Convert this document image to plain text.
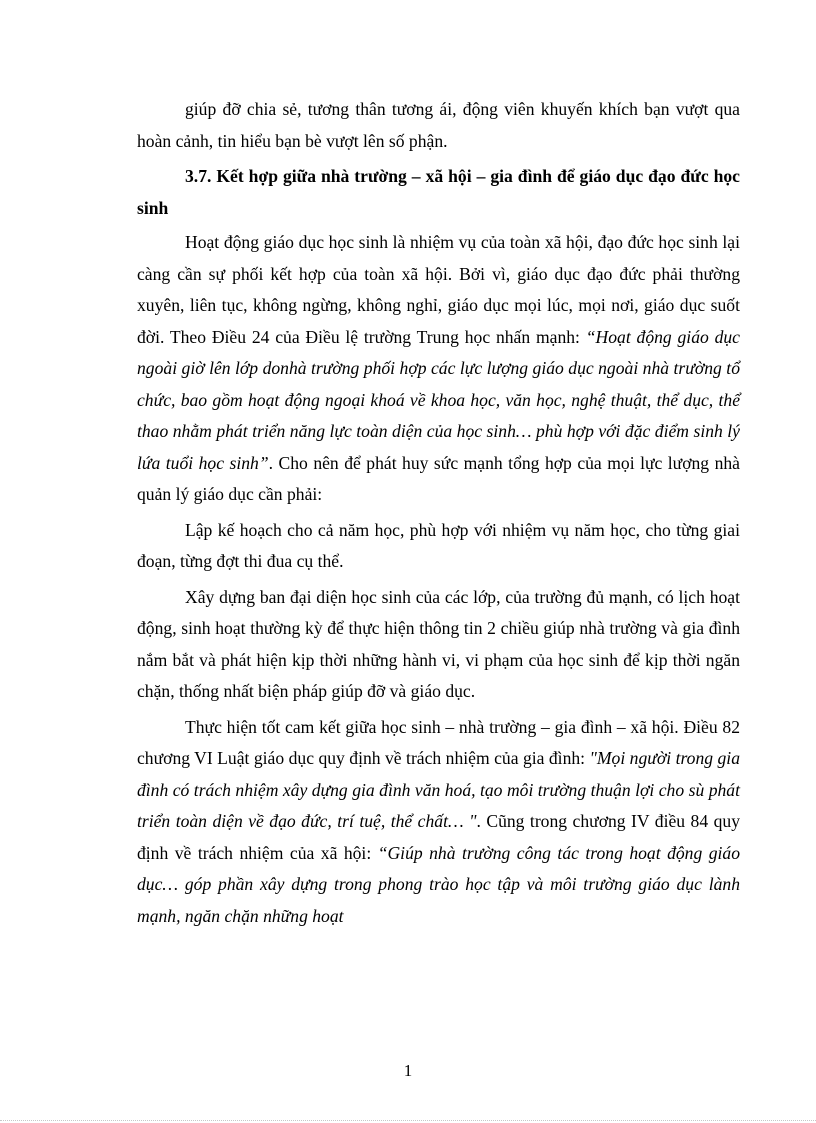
giúp đỡ chia sẻ, tương thân tương ái, động viên khuyến khích bạn vượt qua hoàn cảnh, tin hiểu bạn bè vượt lên số phận.

3.7. Kết hợp giữa nhà trường – xã hội – gia đình để giáo dục đạo đức học sinh

Hoạt động giáo dục học sinh là nhiệm vụ của toàn xã hội, đạo đức học sinh lại càng cần sự phối kết hợp của toàn xã hội. Bởi vì, giáo dục đạo đức phải thường xuyên, liên tục, không ngừng, không nghỉ, giáo dục mọi lúc, mọi nơi, giáo dục suốt đời. Theo Điều 24 của Điều lệ trường Trung học nhấn mạnh: “Hoạt động giáo dục ngoài giờ lên lớp donhà trường phối hợp các lực lượng giáo dục ngoài nhà trường tổ chức, bao gồm hoạt động ngoại khoá về khoa học, văn học, nghệ thuật, thể dục, thể thao nhằm phát triển năng lực toàn diện của học sinh… phù hợp với đặc điểm sinh lý lứa tuổi học sinh”. Cho nên để phát huy sức mạnh tổng hợp của mọi lực lượng nhà quản lý giáo dục cần phải:

Lập kế hoạch cho cả năm học, phù hợp với nhiệm vụ năm học, cho từng giai đoạn, từng đợt thi đua cụ thể.

Xây dựng ban đại diện học sinh của các lớp, của trường đủ mạnh, có lịch hoạt động, sinh hoạt thường kỳ để thực hiện thông tin 2 chiều giúp nhà trường và gia đình nắm bắt và phát hiện kịp thời những hành vi, vi phạm của học sinh để kịp thời ngăn chặn, thống nhất biện pháp giúp đỡ và giáo dục.

Thực hiện tốt cam kết giữa học sinh – nhà trường – gia đình – xã hội. Điều 82 chương VI Luật giáo dục quy định về trách nhiệm của gia đình: "Mọi người trong gia đình có trách nhiệm xây dựng gia đình văn hoá, tạo môi trường thuận lợi cho sù phát triển toàn diện về đạo đức, trí tuệ, thể chất… ". Cũng trong chương IV điều 84 quy định về trách nhiệm của xã hội: “Giúp nhà trường công tác trong hoạt động giáo dục… góp phần xây dựng trong phong trào học tập và môi trường giáo dục lành mạnh, ngăn chặn những hoạt

1
